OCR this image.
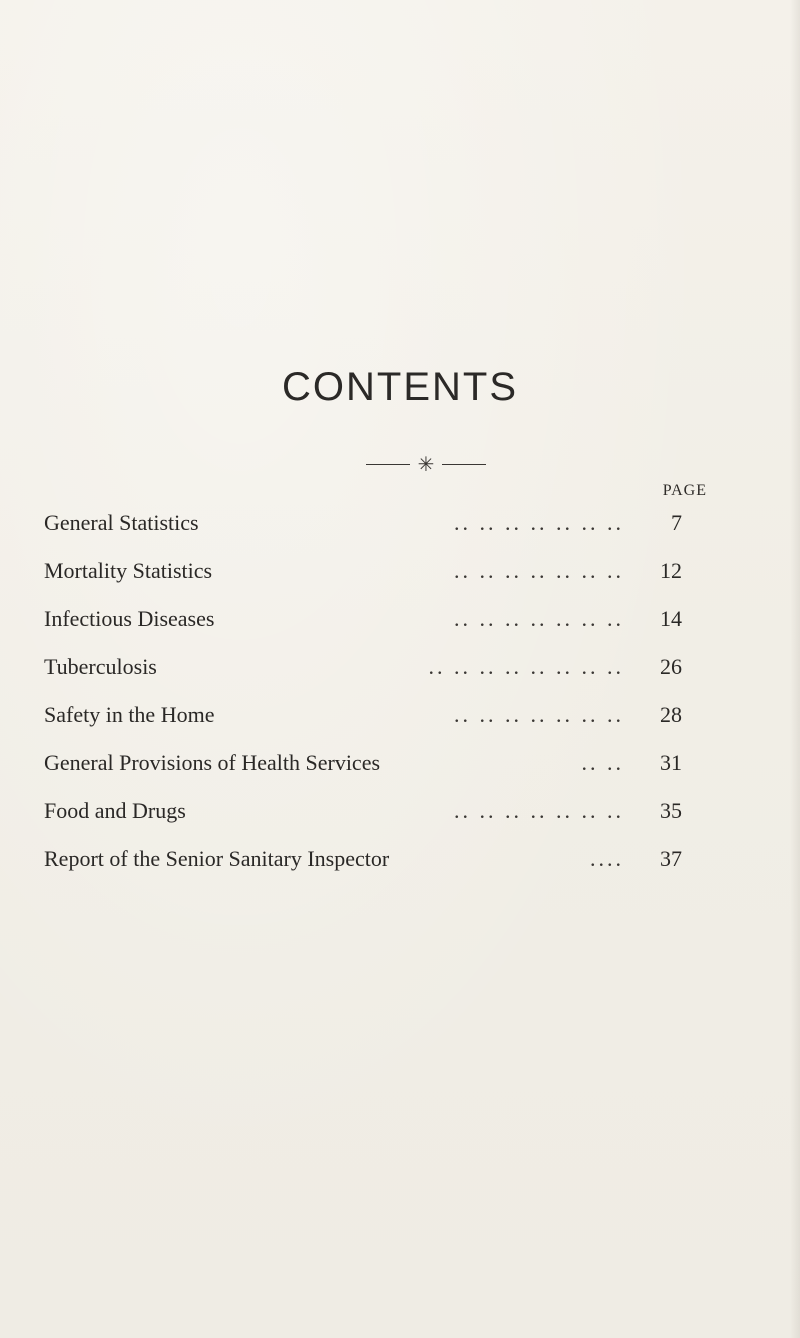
CONTENTS
✳
PAGE
General Statistics	.. .. .. .. .. .. ..	7
Mortality Statistics	.. .. .. .. .. .. ..	12
Infectious Diseases	.. .. .. .. .. .. ..	14
Tuberculosis	.. .. .. .. .. .. .. ..	26
Safety in the Home	.. .. .. .. .. .. ..	28
General Provisions of Health Services	.. ..	31
Food and Drugs	.. .. .. .. .. .. ..	35
Report of the Senior Sanitary Inspector	....	37
